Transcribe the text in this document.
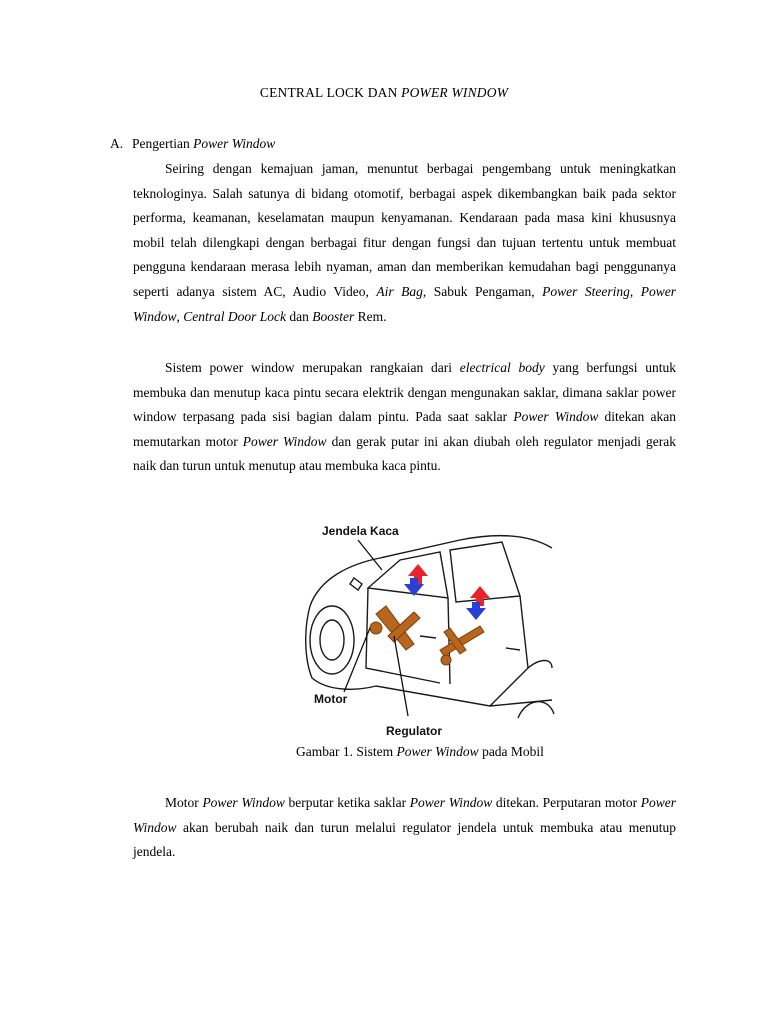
CENTRAL LOCK DAN POWER WINDOW
A. Pengertian Power Window

Seiring dengan kemajuan jaman, menuntut berbagai pengembang untuk meningkatkan teknologinya. Salah satunya di bidang otomotif, berbagai aspek dikembangkan baik pada sektor performa, keamanan, keselamatan maupun kenyamanan. Kendaraan pada masa kini khususnya mobil telah dilengkapi dengan berbagai fitur dengan fungsi dan tujuan tertentu untuk membuat pengguna kendaraan merasa lebih nyaman, aman dan memberikan kemudahan bagi penggunanya seperti adanya sistem AC, Audio Video, Air Bag, Sabuk Pengaman, Power Steering, Power Window, Central Door Lock dan Booster Rem.

Sistem power window merupakan rangkaian dari electrical body yang berfungsi untuk membuka dan menutup kaca pintu secara elektrik dengan mengunakan saklar, dimana saklar power window terpasang pada sisi bagian dalam pintu. Pada saat saklar Power Window ditekan akan memutarkan motor Power Window dan gerak putar ini akan diubah oleh regulator menjadi gerak naik dan turun untuk menutup atau membuka kaca pintu.

Jendela Kaca
Motor
Regulator
Gambar 1. Sistem Power Window pada Mobil

Motor Power Window berputar ketika saklar Power Window ditekan. Perputaran motor Power Window akan berubah naik dan turun melalui regulator jendela untuk membuka atau menutup jendela.
